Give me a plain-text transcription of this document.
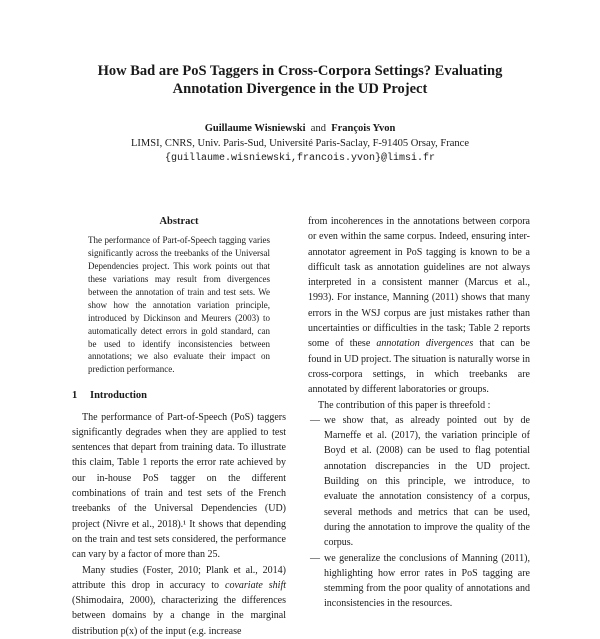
How Bad are PoS Taggers in Cross-Corpora Settings? Evaluating
Annotation Divergence in the UD Project
Guillaume Wisniewski and François Yvon
LIMSI, CNRS, Univ. Paris-Sud, Université Paris-Saclay, F-91405 Orsay, France
{guillaume.wisniewski,francois.yvon}@limsi.fr
Abstract

The performance of Part-of-Speech tagging varies significantly across the treebanks of the Universal Dependencies project. This work points out that these variations may result from divergences between the annotation of train and test sets. We show how the annotation variation principle, introduced by Dickinson and Meurers (2003) to automatically detect errors in gold standard, can be used to identify inconsistencies between annotations; we also evaluate their impact on prediction performance.

1 Introduction

The performance of Part-of-Speech (PoS) taggers significantly degrades when they are applied to test sentences that depart from training data. To illustrate this claim, Table 1 reports the error rate achieved by our in-house PoS tagger on the different combinations of train and test sets of the French treebanks of the Universal Dependencies (UD) project (Nivre et al., 2018).¹ It shows that depending on the train and test sets considered, the performance can vary by a factor of more than 25.

Many studies (Foster, 2010; Plank et al., 2014) attribute this drop in accuracy to covariate shift (Shimodaira, 2000), characterizing the differences between domains by a change in the marginal distribution p(x) of the input (e.g. increase

from incoherences in the annotations between corpora or even within the same corpus. Indeed, ensuring inter-annotator agreement in PoS tagging is known to be a difficult task as annotation guidelines are not always interpreted in a consistent manner (Marcus et al., 1993). For instance, Manning (2011) shows that many errors in the WSJ corpus are just mistakes rather than uncertainties or difficulties in the task; Table 2 reports some of these annotation divergences that can be found in UD project. The situation is naturally worse in cross-corpora settings, in which treebanks are annotated by different laboratories or groups.

The contribution of this paper is threefold :

— we show that, as already pointed out by de Marneffe et al. (2017), the variation principle of Boyd et al. (2008) can be used to flag potential annotation discrepancies in the UD project. Building on this principle, we introduce, to evaluate the annotation consistency of a corpus, several methods and metrics that can be used, during the annotation to improve the quality of the corpus.
— we generalize the conclusions of Manning (2011), highlighting how error rates in PoS tagging are stemming from the poor quality of annotations and inconsistencies in the resources.
